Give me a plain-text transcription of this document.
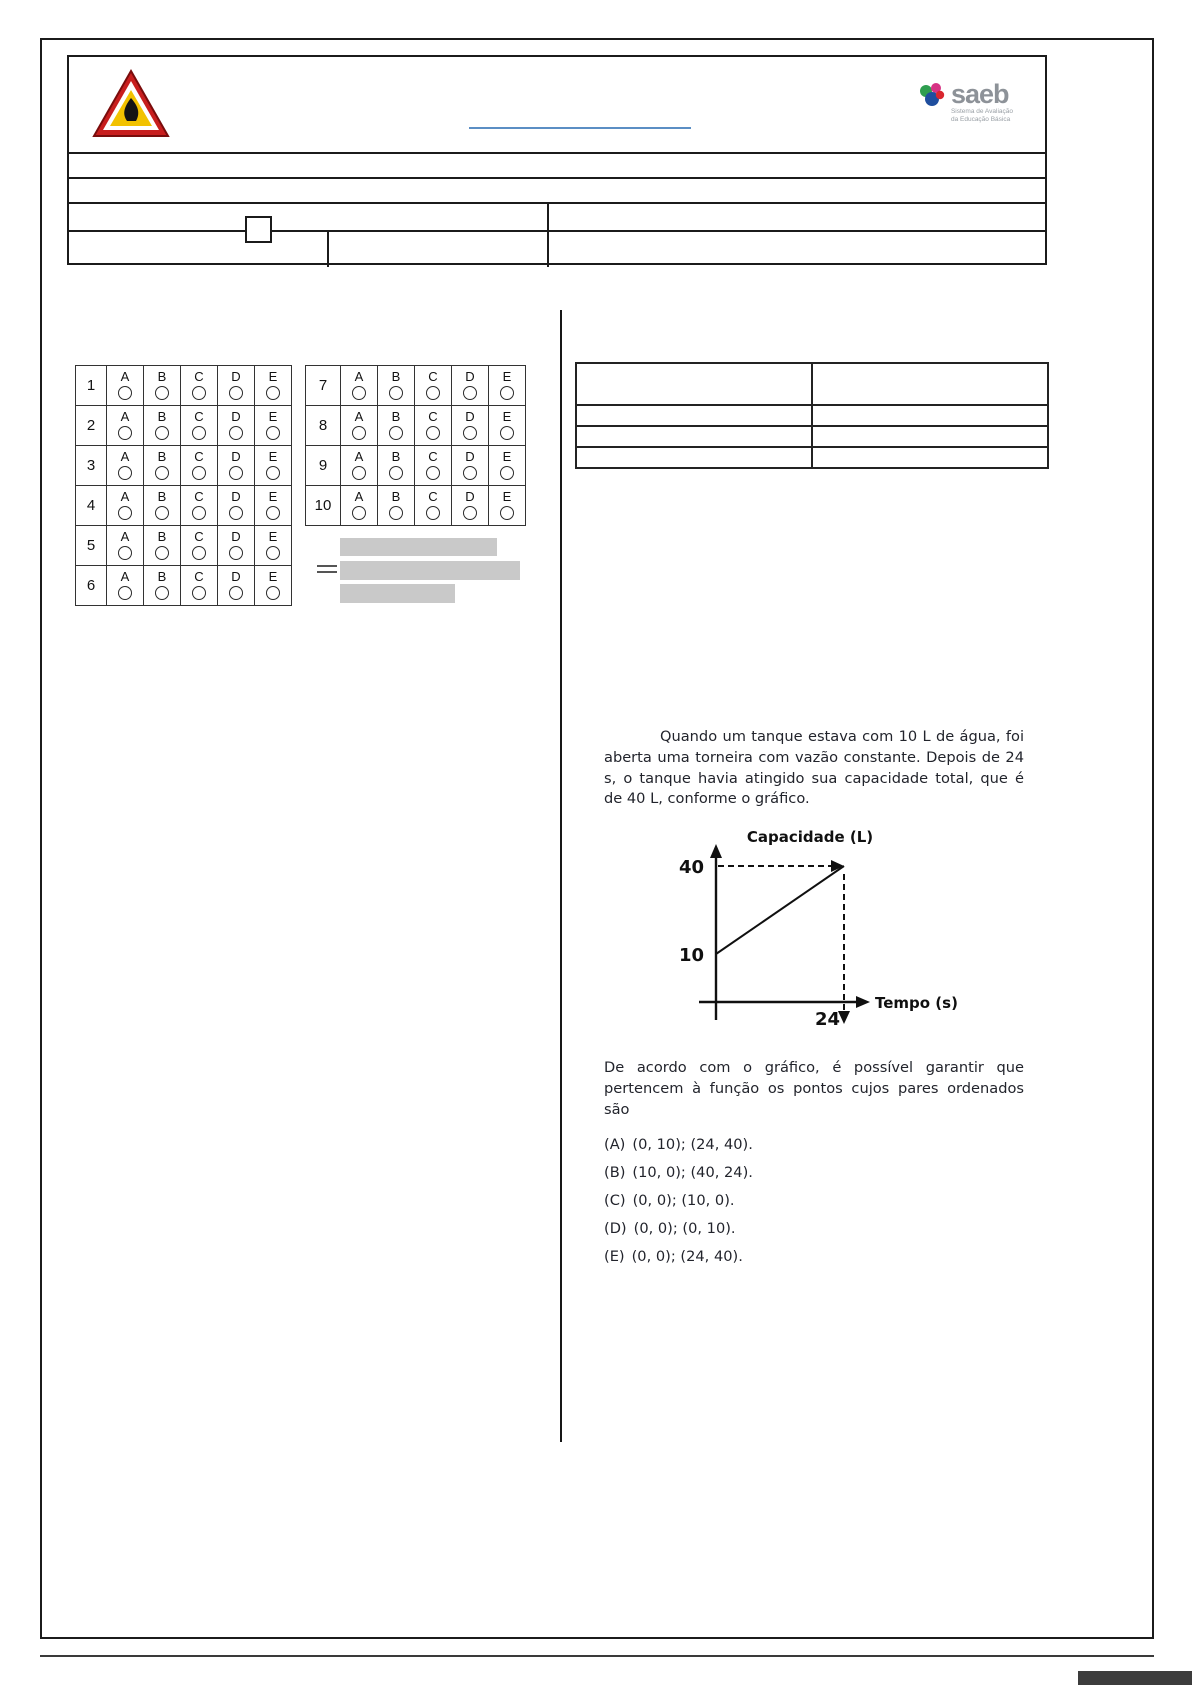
saeb
Sistema de Avaliação
da Educação Básica
1	A	B	C	D	E

2	A	B	C	D	E

3	A	B	C	D	E

4	A	B	C	D	E

5	A	B	C	D	E

6	A	B	C	D	E
7	A	B	C	D	E

8	A	B	C	D	E

9	A	B	C	D	E

10	A	B	C	D	E

Quando um tanque estava com 10 L de água, foi aberta uma torneira com vazão constante. Depois de 24 s, o tanque havia atingido sua capacidade total, que é de 40 L, conforme o gráfico.

Capacidade (L)
40
10
24
Tempo (s)

De acordo com o gráfico, é possível garantir que pertencem à função os pontos cujos pares ordenados são

(A) (0, 10); (24, 40).
(B) (10, 0); (40, 24).
(C) (0, 0); (10, 0).
(D) (0, 0); (0, 10).
(E) (0, 0); (24, 40).
